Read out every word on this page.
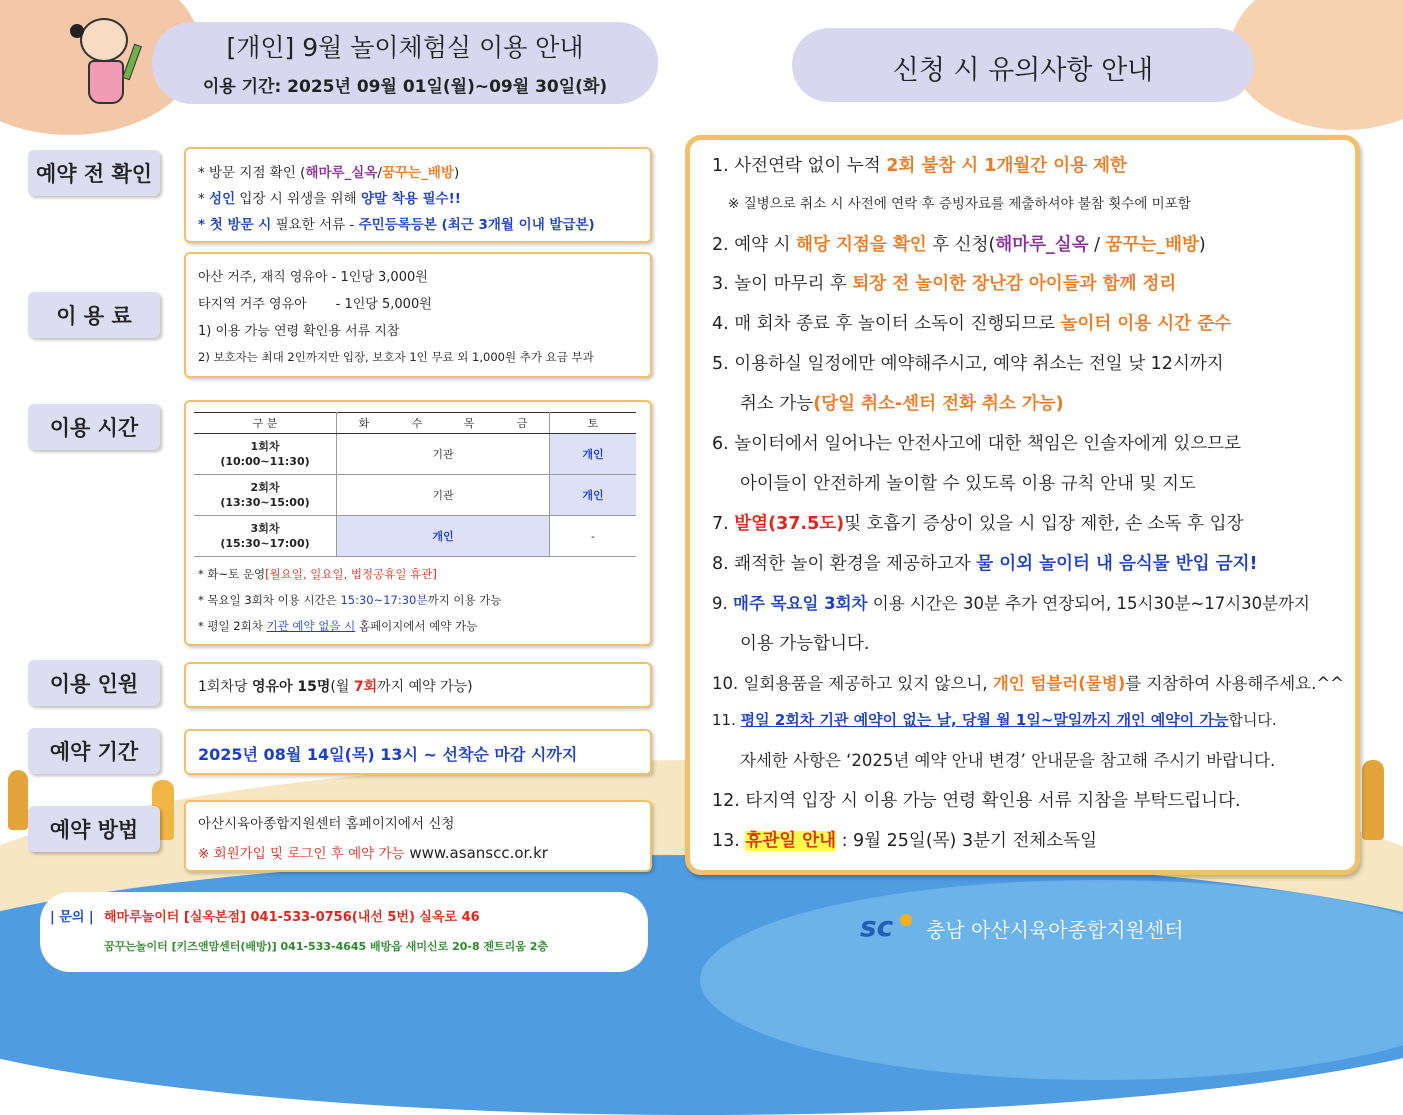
[개인] 9월 놀이체험실 이용 안내
이용 기간: 2025년 09월 01일(월)~09월 30일(화)
신청 시 유의사항 안내
예약 전 확인	* 방문 지점 확인 (해마루_실옥/꿈꾸는_배방)
* 성인 입장 시 위생을 위해 양말 착용 필수!!
* 첫 방문 시 필요한 서류 - 주민등록등본 (최근 3개월 이내 발급본)
이 용 료
아산 거주, 재직 영유아 - 1인당 3,000원
타지역 거주 영유아       - 1인당 5,000원
1) 이용 가능 연령 확인용 서류 지참
2) 보호자는 최대 2인까지만 입장, 보호자 1인 무료 외 1,000원 추가 요금 부과
이용 시간	구 분	화	수	목	금	토
1회차
(10:00~11:30)	기관				개인
2회차
(13:30~15:00)	기관				개인
3회차
(15:30~17:00)	개인				-
* 화~토 운영[월요일, 일요일, 법정공휴일 휴관]
* 목요일 3회차 이용 시간은 15:30~17:30분까지 이용 가능
* 평일 2회차 기관 예약 없을 시 홈페이지에서 예약 가능
이용 인원	1회차당 영유아 15명(월 7회까지 예약 가능)
예약 기간	2025년 08월 14일(목) 13시 ~ 선착순 마감 시까지
예약 방법	아산시육아종합지원센터 홈페이지에서 신청
※ 회원가입 및 로그인 후 예약 가능 www.asanscc.or.kr
| 문의 | 해마루놀이터 [실옥본점] 041-533-0756(내선 5번) 실옥로 46
꿈꾸는놀이터 [키즈앤맘센터(배방)] 041-533-4645 배방읍 새미신로 20-8 젠트리움 2층
1. 사전연락 없이 누적 2회 불참 시 1개월간 이용 제한
※ 질병으로 취소 시 사전에 연락 후 증빙자료를 제출하셔야 불참 횟수에 미포함
2. 예약 시 해당 지점을 확인 후 신청(해마루_실옥 / 꿈꾸는_배방)
3. 놀이 마무리 후 퇴장 전 놀이한 장난감 아이들과 함께 정리
4. 매 회차 종료 후 놀이터 소독이 진행되므로 놀이터 이용 시간 준수
5. 이용하실 일정에만 예약해주시고, 예약 취소는 전일 낮 12시까지
취소 가능(당일 취소-센터 전화 취소 가능)
6. 놀이터에서 일어나는 안전사고에 대한 책임은 인솔자에게 있으므로
아이들이 안전하게 놀이할 수 있도록 이용 규칙 안내 및 지도
7. 발열(37.5도)및 호흡기 증상이 있을 시 입장 제한, 손 소독 후 입장
8. 쾌적한 놀이 환경을 제공하고자 물 이외 놀이터 내 음식물 반입 금지!
9. 매주 목요일 3회차 이용 시간은 30분 추가 연장되어, 15시30분~17시30분까지
이용 가능합니다.
10. 일회용품을 제공하고 있지 않으니, 개인 텀블러(물병)를 지참하여 사용해주세요.^^
11. 평일 2회차 기관 예약이 없는 날, 당월 월 1일~말일까지 개인 예약이 가능합니다.
자세한 사항은 ‘2025년 예약 안내 변경’ 안내문을 참고해 주시기 바랍니다.
12. 타지역 입장 시 이용 가능 연령 확인용 서류 지참을 부탁드립니다.
13. 휴관일 안내 : 9월 25일(목) 3분기 전체소독일
sc 충남 아산시육아종합지원센터
